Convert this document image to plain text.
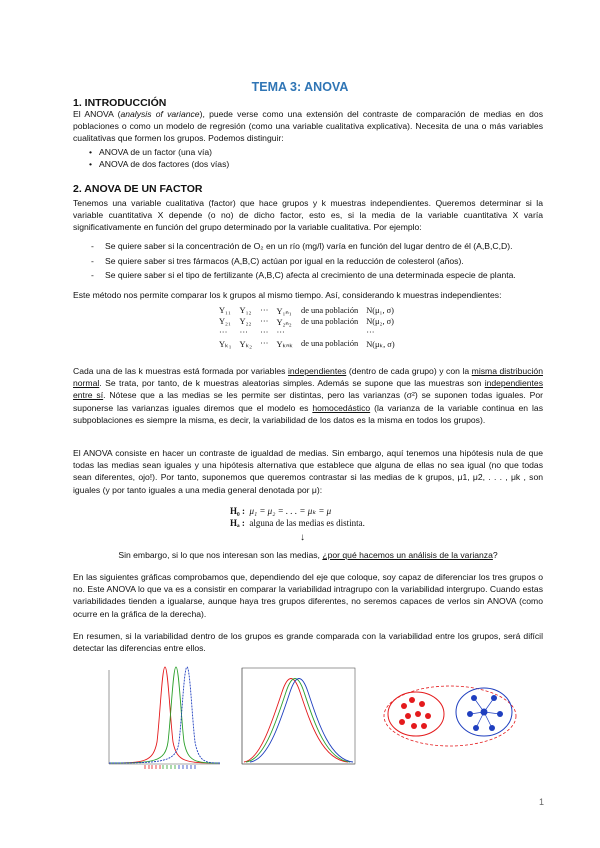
TEMA 3: ANOVA
1. INTRODUCCIÓN
El ANOVA (analysis of variance), puede verse como una extensión del contraste de comparación de medias en dos poblaciones o como un modelo de regresión (como una variable cualitativa explicativa). Necesita de una o más variables cualitativas que formen los grupos. Podemos distinguir:
• ANOVA de un factor (una vía)
• ANOVA de dos factores (dos vías)
2. ANOVA DE UN FACTOR
Tenemos una variable cualitativa (factor) que hace grupos y k muestras independientes. Queremos determinar si la variable cuantitativa X depende (o no) de dicho factor, esto es, si la media de la variable cuantitativa X varía significativamente en función del grupo determinado por la variable cualitativa. Por ejemplo:
- Se quiere saber si la concentración de O₂ en un río (mg/l) varía en función del lugar dentro de él (A,B,C,D).
- Se quiere saber si tres fármacos (A,B,C) actúan por igual en la reducción de colesterol (años).
- Se quiere saber si el tipo de fertilizante (A,B,C) afecta al crecimiento de una determinada especie de planta.
Este método nos permite comparar los k grupos al mismo tiempo. Así, considerando k muestras independientes:
Y₁₁	Y₁₂	···	Y₁ₙ₁	de una población	N(μ₁, σ)
Y₂₁	Y₂₂	···	Y₂ₙ₂	de una población	N(μ₂, σ)
···	···	···	···		···
Yₖ₁	Yₖ₂	···	Yₖₙₖ	de una población	N(μₖ, σ)
Cada una de las k muestras está formada por variables independientes (dentro de cada grupo) y con la misma distribución normal. Se trata, por tanto, de k muestras aleatorias simples. Además se supone que las muestras son independientes entre sí. Nótese que a las medias se les permite ser distintas, pero las varianzas (σ²) se suponen todas iguales. Por suponerse las varianzas iguales diremos que el modelo es homocedástico (la varianza de la variable continua en las subpoblaciones es siempre la misma, es decir, la variabilidad de los datos es la misma en todos los grupos).
El ANOVA consiste en hacer un contraste de igualdad de medias. Sin embargo, aquí tenemos una hipótesis nula de que todas las medias sean iguales y una hipótesis alternativa que establece que alguna de ellas no sea igual (no que todas sean diferentes, ojo!). Por tanto, suponemos que queremos contrastar si las medias de k grupos, μ1, μ2, . . . , μk , son iguales (y por tanto iguales a una media general denotada por μ):
H₀ : μ₁ = μ₂ = . . . = μₖ = μ
Hₐ : alguna de las medias es distinta.
↓
Sin embargo, si lo que nos interesan son las medias, ¿por qué hacemos un análisis de la varianza?
En las siguientes gráficas comprobamos que, dependiendo del eje que coloque, soy capaz de diferenciar los tres grupos o no. Este ANOVA lo que va es a consistir en comparar la variabilidad intragrupo con la variabilidad intergrupo. Cuando estas variabilidades tienden a igualarse, aunque haya tres grupos diferentes, no seremos capaces de verlos sin ANOVA (como ocurre en la gráfica de la derecha).
En resumen, si la variabilidad dentro de los grupos es grande comparada con la variabilidad entre los grupos, será difícil detectar las diferencias entre ellos.
1
